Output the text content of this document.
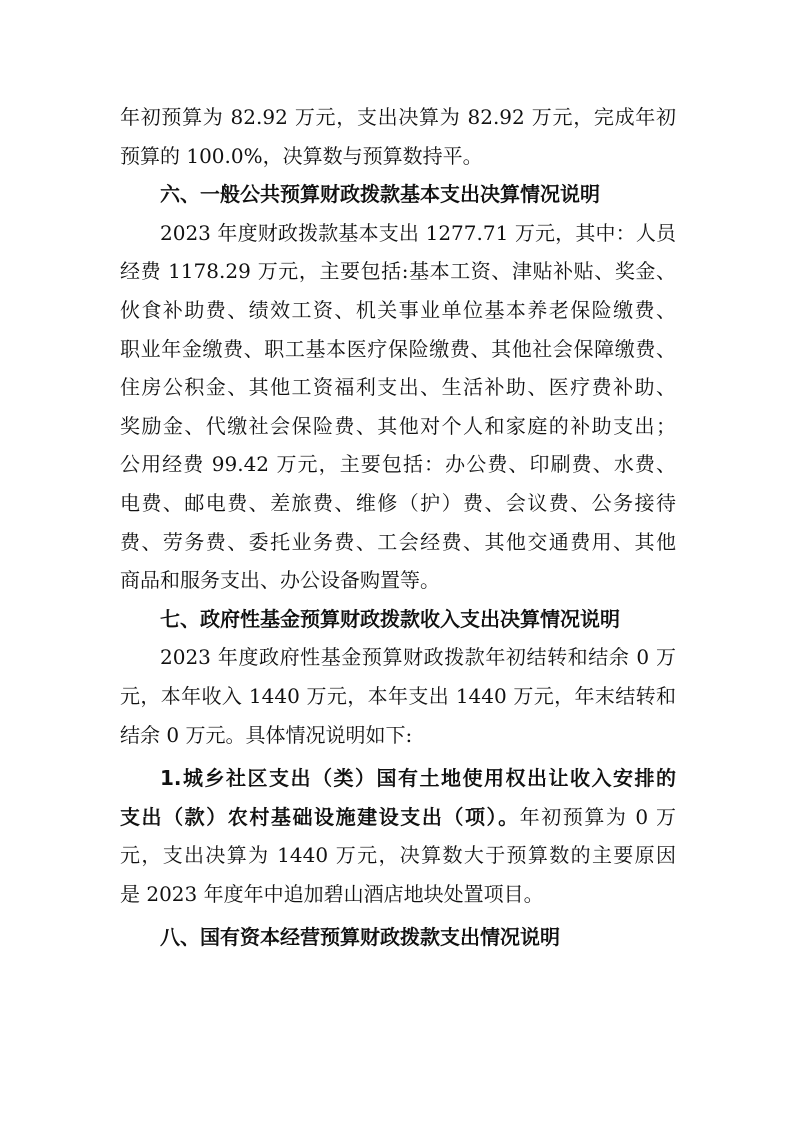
年初预算为 82.92 万元，支出决算为 82.92 万元，完成年初
预算的 100.0%，决算数与预算数持平。
六、一般公共预算财政拨款基本支出决算情况说明
2023 年度财政拨款基本支出 1277.71 万元，其中：人员
经费 1178.29 万元，主要包括:基本工资、津贴补贴、奖金、
伙食补助费、绩效工资、机关事业单位基本养老保险缴费、
职业年金缴费、职工基本医疗保险缴费、其他社会保障缴费、
住房公积金、其他工资福利支出、生活补助、医疗费补助、
奖励金、代缴社会保险费、其他对个人和家庭的补助支出；
公用经费 99.42 万元，主要包括：办公费、印刷费、水费、
电费、邮电费、差旅费、维修（护）费、会议费、公务接待
费、劳务费、委托业务费、工会经费、其他交通费用、其他
商品和服务支出、办公设备购置等。
七、政府性基金预算财政拨款收入支出决算情况说明
2023 年度政府性基金预算财政拨款年初结转和结余 0 万
元，本年收入 1440 万元，本年支出 1440 万元，年末结转和
结余 0 万元。具体情况说明如下:
1.城乡社区支出（类）国有土地使用权出让收入安排的
支出（款）农村基础设施建设支出（项）。年初预算为 0 万
元，支出决算为 1440 万元，决算数大于预算数的主要原因
是 2023 年度年中追加碧山酒店地块处置项目。
八、国有资本经营预算财政拨款支出情况说明
